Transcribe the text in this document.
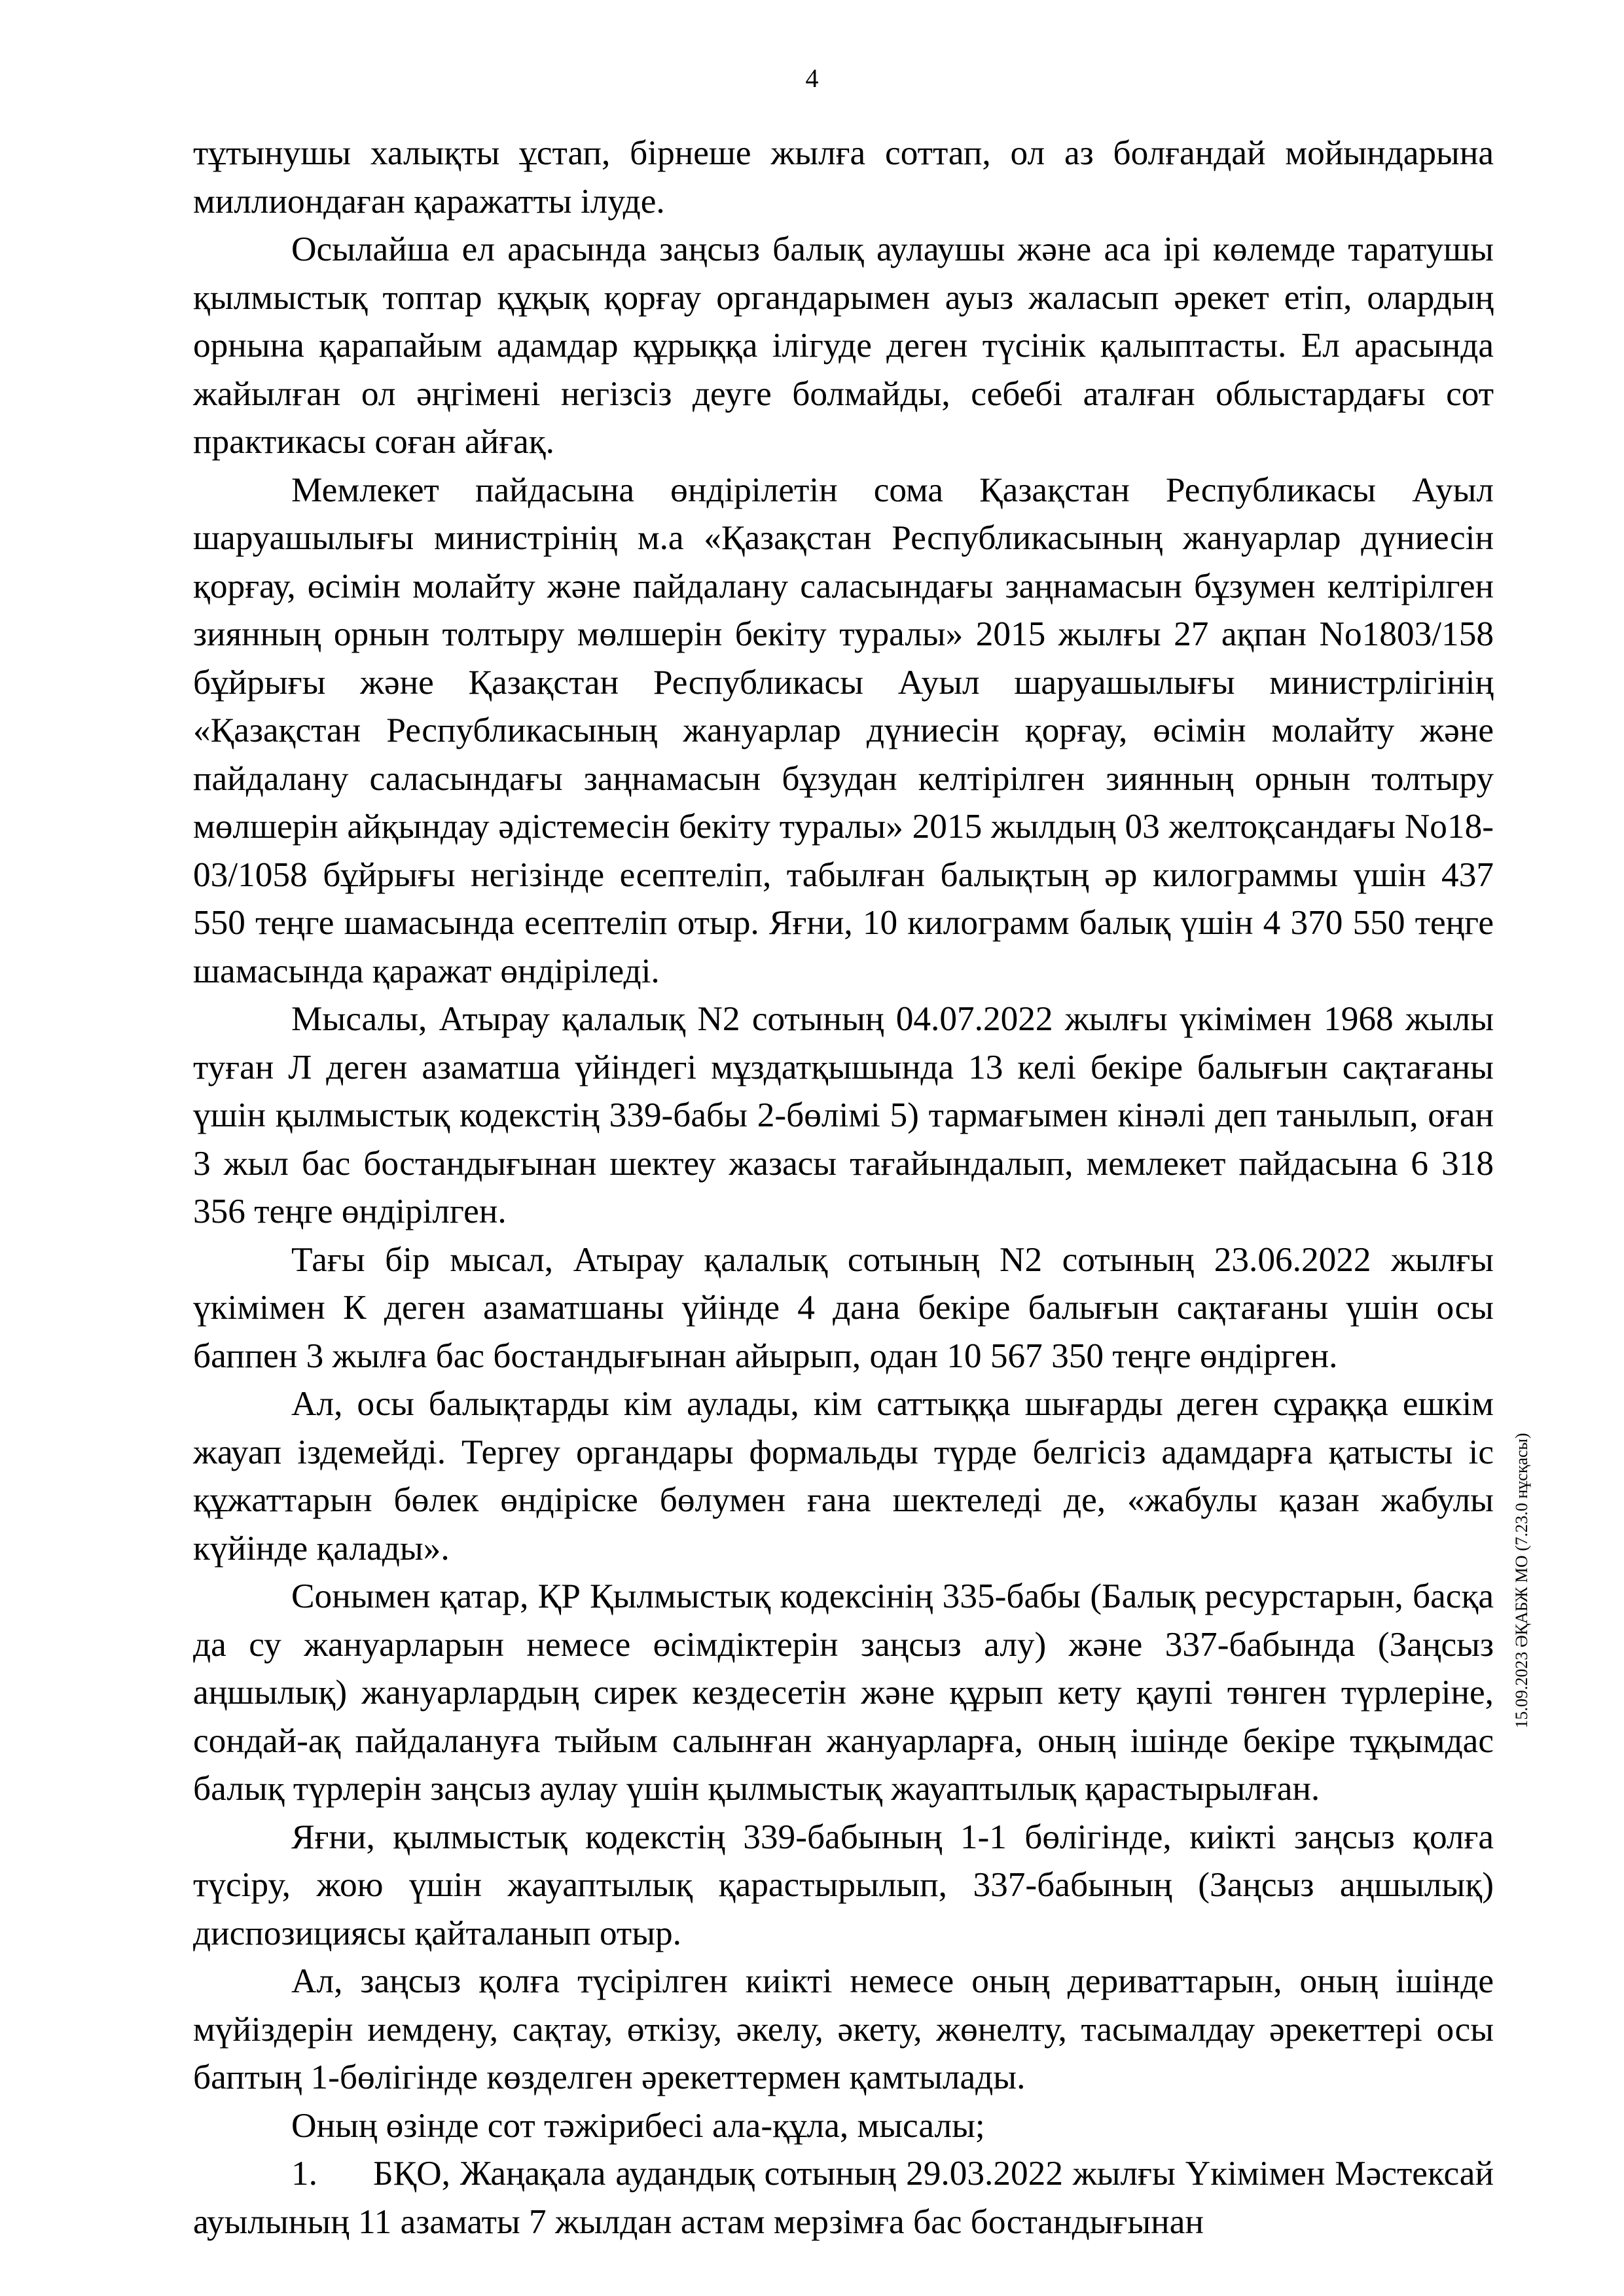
4

тұтынушы халықты ұстап, бірнеше жылға соттап, ол аз болғандай мойындарына миллиондаған қаражатты ілуде.

Осылайша ел арасында заңсыз балық аулаушы және аса ірі көлемде таратушы қылмыстық топтар құқық қорғау органдарымен ауыз жаласып әрекет етіп, олардың орнына қарапайым адамдар құрыққа ілігуде деген түсінік қалыптасты. Ел арасында жайылған ол әңгімені негізсіз деуге болмайды, себебі аталған облыстардағы сот практикасы соған айғақ.

Мемлекет пайдасына өндірілетін сома Қазақстан Республикасы Ауыл шаруашылығы министрінің м.а «Қазақстан Республикасының жануарлар дүниесін қорғау, өсімін молайту және пайдалану саласындағы заңнамасын бұзумен келтірілген зиянның орнын толтыру мөлшерін бекіту туралы» 2015 жылғы 27 ақпан No1803/158 бұйрығы және Қазақстан Республикасы Ауыл шаруашылығы министрлігінің «Қазақстан Республикасының жануарлар дүниесін қорғау, өсімін молайту және пайдалану саласындағы заңнамасын бұзудан келтірілген зиянның орнын толтыру мөлшерін айқындау әдістемесін бекіту туралы» 2015 жылдың 03 желтоқсандағы No18-03/1058 бұйрығы негізінде есептеліп, табылған балықтың әр килограммы үшін 437 550 теңге шамасында есептеліп отыр. Яғни, 10 килограмм балық үшін 4 370 550 теңге шамасында қаражат өндіріледі.

Мысалы, Атырау қалалық N2 сотының 04.07.2022 жылғы үкімімен 1968 жылы туған Л деген азаматша үйіндегі мұздатқышында 13 келі бекіре балығын сақтағаны үшін қылмыстық кодекстің 339-бабы 2-бөлімі 5) тармағымен кінәлі деп танылып, оған 3 жыл бас бостандығынан шектеу жазасы тағайындалып, мемлекет пайдасына 6 318 356 теңге өндірілген.

Тағы бір мысал, Атырау қалалық сотының N2 сотының 23.06.2022 жылғы үкімімен К деген азаматшаны үйінде 4 дана бекіре балығын сақтағаны үшін осы баппен 3 жылға бас бостандығынан айырып, одан 10 567 350 теңге өндірген.

Ал, осы балықтарды кім аулады, кім саттыққа шығарды деген сұраққа ешкім жауап іздемейді. Тергеу органдары формальды түрде белгісіз адамдарға қатысты іс құжаттарын бөлек өндіріске бөлумен ғана шектеледі де, «жабулы қазан жабулы күйінде қалады».

Сонымен қатар, ҚР Қылмыстық кодексінің 335-бабы (Балық ресурстарын, басқа да су жануарларын немесе өсімдіктерін заңсыз алу) және 337-бабында (Заңсыз аңшылық) жануарлардың сирек кездесетін және құрып кету қаупі төнген түрлеріне, сондай-ақ пайдалануға тыйым салынған жануарларға, оның ішінде бекіре тұқымдас балық түрлерін заңсыз аулау үшін қылмыстық жауаптылық қарастырылған.

Яғни, қылмыстық кодекстің 339-бабының 1-1 бөлігінде, киікті заңсыз қолға түсіру, жою үшін жауаптылық қарастырылып, 337-бабының (Заңсыз аңшылық) диспозициясы қайталанып отыр.

Ал, заңсыз қолға түсірілген киікті немесе оның дериваттарын, оның ішінде мүйіздерін иемдену, сақтау, өткізу, әкелу, әкету, жөнелту, тасымалдау әрекеттері осы баптың 1-бөлігінде көзделген әрекеттермен қамтылады.

Оның өзінде сот тәжірибесі ала-құла, мысалы;

1. БҚО, Жаңақала аудандық сотының 29.03.2022 жылғы Үкімімен Мәстексай ауылының 11 азаматы 7 жылдан астам мерзімға бас бостандығынан

15.09.2023 ӘҚАБЖ МО (7.23.0 нұсқасы)
